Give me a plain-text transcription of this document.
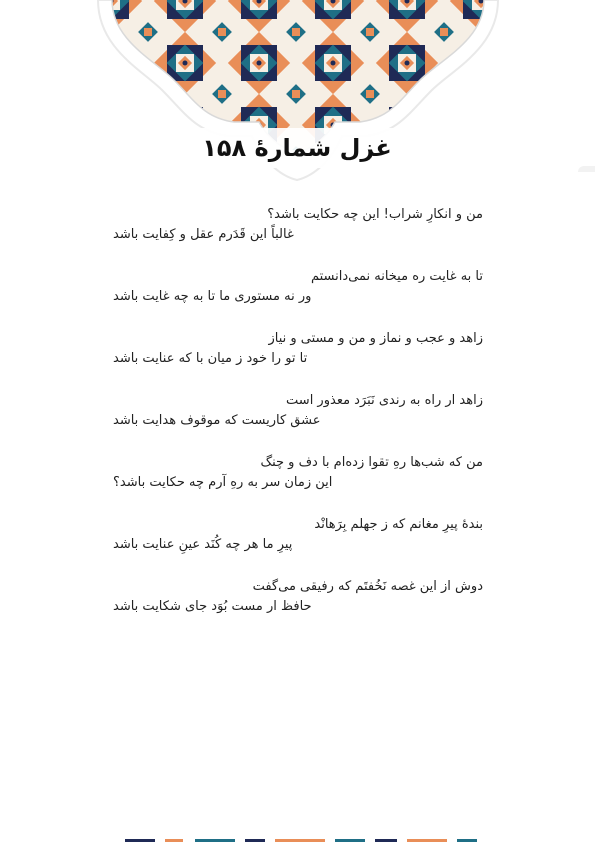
غزل شمارهٔ ۱۵۸
من و انکارِ شراب! این چه حکایت باشد؟
غالباً این قَدَرم عقل و کِفایت باشد
تا به غایت ره میخانه نمی‌دانستم
ور نه مستوری ما تا به چه غایت باشد
زاهد و عجب و نماز و من و مستی و نیاز
تا تو را خود ز میان با که عنایت باشد
زاهد ار راه به رندی نَبَرَد معذور است
عشق کاریست که موقوف هدایت باشد
من که شب‌ها رهِ تقوا زده‌ام با دف و چنگ
این زمان سر به رهِ آرم چه حکایت باشد؟
بندهٔ پیرِ مغانم که ز جهلم بِرَهانْد
پیرِ ما هر چه کُنَد عینِ عنایت باشد
دوش از این غصه نَخُفتَم که رفیقی می‌گفت
حافظ ار مست بُوَد جای شکایت باشد
